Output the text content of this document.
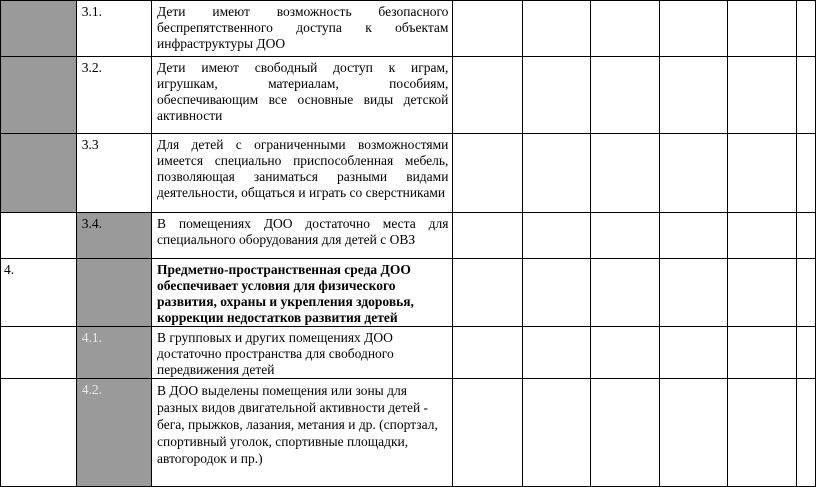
	3.1.	Дети имеют возможность безопасного беспрепятственного доступа к объектам инфраструктуры ДОО						
	3.2.	Дети имеют свободный доступ к играм, игрушкам, материалам, пособиям, обеспечивающим все основные виды детской активности						
	3.3	Для детей с ограниченными возможностями имеется специально приспособленная мебель, позволяющая заниматься разными видами деятельности, общаться и играть со сверстниками						
	3.4.	В помещениях ДОО достаточно места для специального оборудования для детей с ОВЗ						
4.		Предметно-пространственная среда ДОО обеспечивает условия для физического развития, охраны и укрепления здоровья, коррекции недостатков развития детей						
	4.1.	В групповых и других помещениях ДОО достаточно пространства для свободного передвижения детей						
	4.2.	В ДОО выделены помещения или зоны для разных видов двигательной активности детей - бега, прыжков, лазания, метания и др. (спортзал, спортивный уголок, спортивные площадки, автогородок и пр.)						
